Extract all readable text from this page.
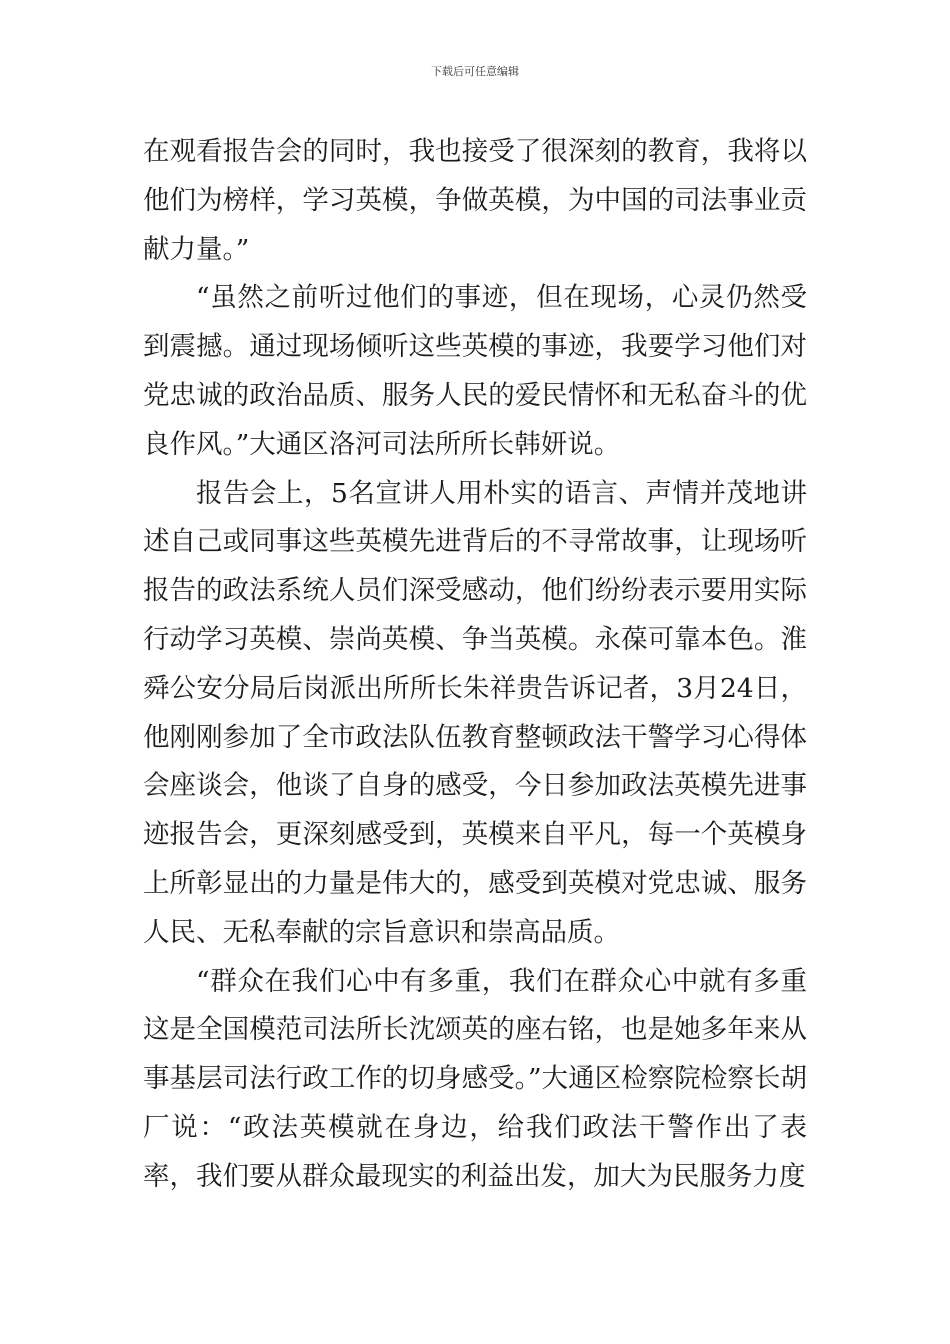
下载后可任意编辑

在观看报告会的同时，我也接受了很深刻的教育，我将以他们为榜样，学习英模，争做英模，为中国的司法事业贡献力量。”

“虽然之前听过他们的事迹，但在现场，心灵仍然受到震撼。通过现场倾听这些英模的事迹，我要学习他们对党忠诚的政治品质、服务人民的爱民情怀和无私奋斗的优良作风。”大通区洛河司法所所长韩妍说。

报告会上，5名宣讲人用朴实的语言、声情并茂地讲述自己或同事这些英模先进背后的不寻常故事，让现场听报告的政法系统人员们深受感动，他们纷纷表示要用实际行动学习英模、崇尚英模、争当英模。永葆可靠本色。淮舜公安分局后岗派出所所长朱祥贵告诉记者，3月24日，他刚刚参加了全市政法队伍教育整顿政法干警学习心得体会座谈会，他谈了自身的感受，今日参加政法英模先进事迹报告会，更深刻感受到，英模来自平凡，每一个英模身上所彰显出的力量是伟大的，感受到英模对党忠诚、服务人民、无私奉献的宗旨意识和崇高品质。

“群众在我们心中有多重，我们在群众心中就有多重这是全国模范司法所长沈颂英的座右铭，也是她多年来从事基层司法行政工作的切身感受。”大通区检察院检察长胡厂说：“政法英模就在身边，给我们政法干警作出了表率，我们要从群众最现实的利益出发，加大为民服务力度
